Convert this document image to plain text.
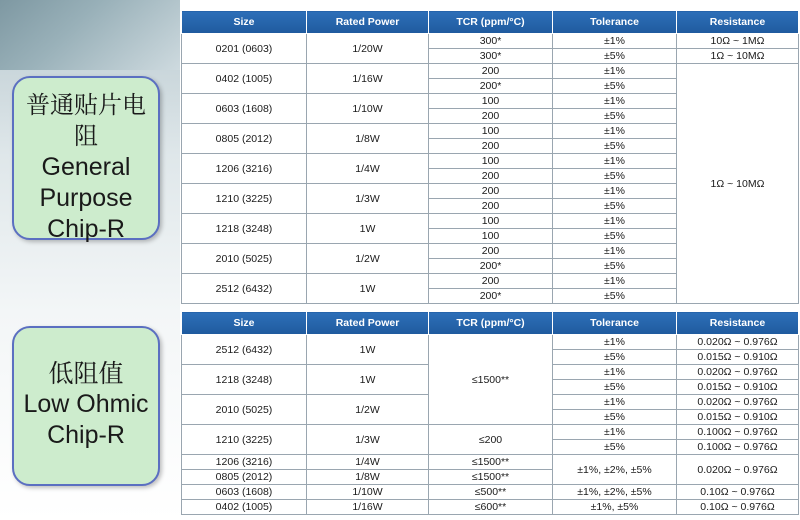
普通贴片电阻
General
Purpose
Chip-R
低阻值
Low Ohmic
Chip-R
Size	Rated Power	TCR (ppm/°C)	Tolerance	Resistance
0201 (0603)	1/20W	300*	±1%	10Ω ~ 1MΩ
		300*	±5%	1Ω ~ 10MΩ
0402 (1005)	1/16W	200	±1%	1Ω ~ 10MΩ
		200*	±5%	
0603 (1608)	1/10W	100	±1%	
		200	±5%	
0805 (2012)	1/8W	100	±1%	
		200	±5%	
1206 (3216)	1/4W	100	±1%	
		200	±5%	
1210 (3225)	1/3W	200	±1%	
		200	±5%	
1218 (3248)	1W	100	±1%	
		100	±5%	
2010 (5025)	1/2W	200	±1%	
		200*	±5%	
2512 (6432)	1W	200	±1%	
		200*	±5%	
Size	Rated Power	TCR (ppm/°C)	Tolerance	Resistance
2512 (6432)	1W	≤1500**	±1%	0.020Ω ~ 0.976Ω
			±5%	0.015Ω ~ 0.910Ω
1218 (3248)	1W		±1%	0.020Ω ~ 0.976Ω
			±5%	0.015Ω ~ 0.910Ω
2010 (5025)	1/2W		±1%	0.020Ω ~ 0.976Ω
			±5%	0.015Ω ~ 0.910Ω
1210 (3225)	1/3W	≤200	±1%	0.100Ω ~ 0.976Ω
			±5%	0.100Ω ~ 0.976Ω
1206 (3216)	1/4W	≤1500**	±1%, ±2%, ±5%	0.020Ω ~ 0.976Ω
0805 (2012)	1/8W	≤1500**		
0603 (1608)	1/10W	≤500**	±1%, ±2%, ±5%	0.10Ω ~ 0.976Ω
0402 (1005)	1/16W	≤600**	±1%, ±5%	0.10Ω ~ 0.976Ω
